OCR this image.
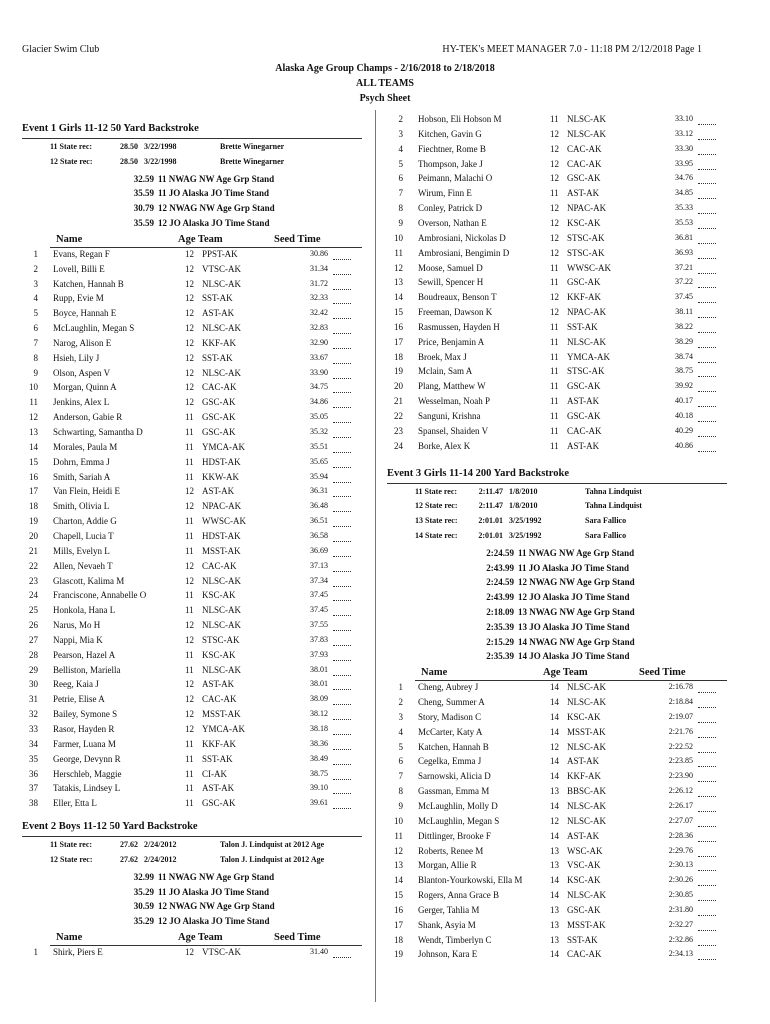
Glacier Swim Club	HY-TEK's MEET MANAGER 7.0 - 11:18 PM 2/12/2018 Page 1
Alaska Age Group Champs - 2/16/2018 to 2/18/2018
ALL TEAMS
Psych Sheet
Event 1 Girls 11-12 50 Yard Backstroke
11 State rec:	28.50 3/22/1998	Brette Winegarner
12 State rec:	28.50 3/22/1998	Brette Winegarner
32.59 11 NWAG NW Age Grp Stand
35.59 11 JO Alaska JO Time Stand
30.79 12 NWAG NW Age Grp Stand
35.59 12 JO Alaska JO Time Stand
Name	Age Team	Seed Time
1 Evans, Regan F	12 PPST-AK	30.86
2 Lovell, Billi E	12 VTSC-AK	31.34
3 Katchen, Hannah B	12 NLSC-AK	31.72
4 Rupp, Evie M	12 SST-AK	32.33
5 Boyce, Hannah E	12 AST-AK	32.42
6 McLaughlin, Megan S	12 NLSC-AK	32.83
7 Narog, Alison E	12 KKF-AK	32.90
8 Hsieh, Lily J	12 SST-AK	33.67
9 Olson, Aspen V	12 NLSC-AK	33.90
10 Morgan, Quinn A	12 CAC-AK	34.75
11 Jenkins, Alex L	12 GSC-AK	34.86
12 Anderson, Gabie R	11 GSC-AK	35.05
13 Schwarting, Samantha D	11 GSC-AK	35.32
14 Morales, Paula M	11 YMCA-AK	35.51
15 Dohrn, Emma J	11 HDST-AK	35.65
16 Smith, Sariah A	11 KKW-AK	35.94
17 Van Flein, Heidi E	12 AST-AK	36.31
18 Smith, Olivia L	12 NPAC-AK	36.48
19 Charton, Addie G	11 WWSC-AK	36.51
20 Chapell, Lucia T	11 HDST-AK	36.58
21 Mills, Evelyn L	11 MSST-AK	36.69
22 Allen, Nevaeh T	12 CAC-AK	37.13
23 Glascott, Kalima M	12 NLSC-AK	37.34
24 Franciscone, Annabelle O	11 KSC-AK	37.45
25 Honkola, Hana L	11 NLSC-AK	37.45
26 Narus, Mo H	12 NLSC-AK	37.55
27 Nappi, Mia K	12 STSC-AK	37.83
28 Pearson, Hazel A	11 KSC-AK	37.93
29 Belliston, Mariella	11 NLSC-AK	38.01
30 Reeg, Kaia J	12 AST-AK	38.01
31 Petrie, Elise A	12 CAC-AK	38.09
32 Bailey, Symone S	12 MSST-AK	38.12
33 Rasor, Hayden R	12 YMCA-AK	38.18
34 Farmer, Luana M	11 KKF-AK	38.36
35 George, Devynn R	11 SST-AK	38.49
36 Herschleb, Maggie	11 CI-AK	38.75
37 Tatakis, Lindsey L	11 AST-AK	39.10
38 Eller, Etta L	11 GSC-AK	39.61
Event 2 Boys 11-12 50 Yard Backstroke
11 State rec:	27.62 2/24/2012	Talon J. Lindquist at 2012 Age
12 State rec:	27.62 2/24/2012	Talon J. Lindquist at 2012 Age
32.99 11 NWAG NW Age Grp Stand
35.29 11 JO Alaska JO Time Stand
30.59 12 NWAG NW Age Grp Stand
35.29 12 JO Alaska JO Time Stand
Name	Age Team	Seed Time
1 Shirk, Piers E	12 VTSC-AK	31.40
2 Hobson, Eli Hobson M	11 NLSC-AK	33.10
3 Kitchen, Gavin G	12 NLSC-AK	33.12
4 Fiechtner, Rome B	12 CAC-AK	33.30
5 Thompson, Jake J	12 CAC-AK	33.95
6 Peimann, Malachi O	12 GSC-AK	34.76
7 Wirum, Finn E	11 AST-AK	34.85
8 Conley, Patrick D	12 NPAC-AK	35.33
9 Overson, Nathan E	12 KSC-AK	35.53
10 Ambrosiani, Nickolas D	12 STSC-AK	36.81
11 Ambrosiani, Bengimin D	12 STSC-AK	36.93
12 Moose, Samuel D	11 WWSC-AK	37.21
13 Sewill, Spencer H	11 GSC-AK	37.22
14 Boudreaux, Benson T	12 KKF-AK	37.45
15 Freeman, Dawson K	12 NPAC-AK	38.11
16 Rasmussen, Hayden H	11 SST-AK	38.22
17 Price, Benjamin A	11 NLSC-AK	38.29
18 Broek, Max J	11 YMCA-AK	38.74
19 Mclain, Sam A	11 STSC-AK	38.75
20 Plang, Matthew W	11 GSC-AK	39.92
21 Wesselman, Noah P	11 AST-AK	40.17
22 Sanguni, Krishna	11 GSC-AK	40.18
23 Spansel, Shaiden V	11 CAC-AK	40.29
24 Borke, Alex K	11 AST-AK	40.86
Event 3 Girls 11-14 200 Yard Backstroke
11 State rec:	2:11.47 1/8/2010	Tahna Lindquist
12 State rec:	2:11.47 1/8/2010	Tahna Lindquist
13 State rec:	2:01.01 3/25/1992	Sara Fallico
14 State rec:	2:01.01 3/25/1992	Sara Fallico
2:24.59 11 NWAG NW Age Grp Stand
2:43.99 11 JO Alaska JO Time Stand
2:24.59 12 NWAG NW Age Grp Stand
2:43.99 12 JO Alaska JO Time Stand
2:18.09 13 NWAG NW Age Grp Stand
2:35.39 13 JO Alaska JO Time Stand
2:15.29 14 NWAG NW Age Grp Stand
2:35.39 14 JO Alaska JO Time Stand
Name	Age Team	Seed Time
1 Cheng, Aubrey J	14 NLSC-AK	2:16.78
2 Cheng, Summer A	14 NLSC-AK	2:18.84
3 Story, Madison C	14 KSC-AK	2:19.07
4 McCarter, Katy A	14 MSST-AK	2:21.76
5 Katchen, Hannah B	12 NLSC-AK	2:22.52
6 Cegelka, Emma J	14 AST-AK	2:23.85
7 Sarnowski, Alicia D	14 KKF-AK	2:23.90
8 Gassman, Emma M	13 BBSC-AK	2:26.12
9 McLaughlin, Molly D	14 NLSC-AK	2:26.17
10 McLaughlin, Megan S	12 NLSC-AK	2:27.07
11 Dittlinger, Brooke F	14 AST-AK	2:28.36
12 Roberts, Renee M	13 WSC-AK	2:29.76
13 Morgan, Allie R	13 VSC-AK	2:30.13
14 Blanton-Yourkowski, Ella M	14 KSC-AK	2:30.26
15 Rogers, Anna Grace B	14 NLSC-AK	2:30.85
16 Gerger, Tahlia M	13 GSC-AK	2:31.80
17 Shank, Asyia M	13 MSST-AK	2:32.27
18 Wendt, Timberlyn C	13 SST-AK	2:32.86
19 Johnson, Kara E	14 CAC-AK	2:34.13
